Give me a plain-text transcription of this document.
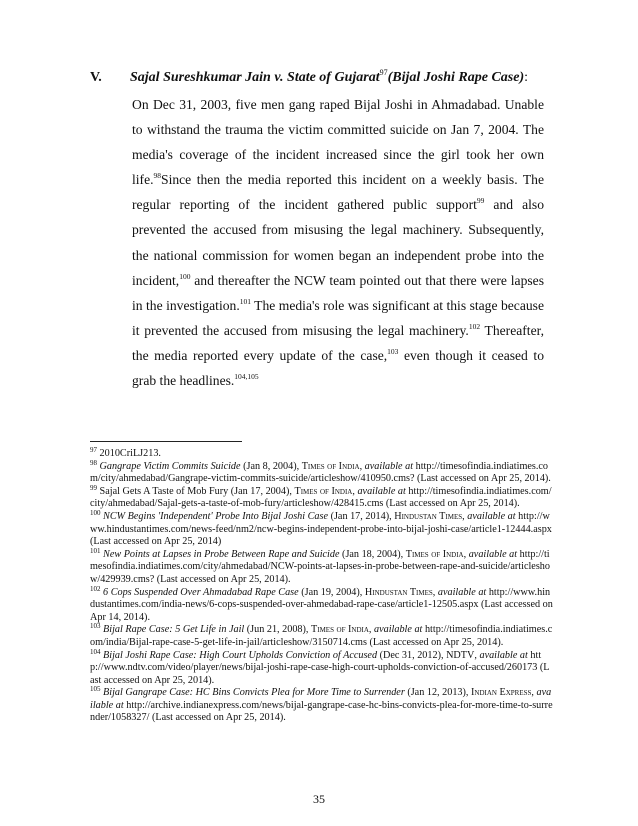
V. Sajal Sureshkumar Jain v. State of Gujarat$^{97}$(Bijal Joshi Rape Case):

On Dec 31, 2003, five men gang raped Bijal Joshi in Ahmadabad. Unable to withstand the trauma the victim committed suicide on Jan 7, 2004. The media's coverage of the incident increased since the girl took her own life.$^{98}$Since then the media reported this incident on a weekly basis. The regular reporting of the incident gathered public support$^{99}$ and also prevented the accused from misusing the legal machinery. Subsequently, the national commission for women began an independent probe into the incident,$^{100}$ and thereafter the NCW team pointed out that there were lapses in the investigation.$^{101}$ The media's role was significant at this stage because it prevented the accused from misusing the legal machinery.$^{102}$ Thereafter, the media reported every update of the case,$^{103}$ even though it ceased to grab the headlines.$^{104,105}$

$^{97}$ 2010CriLJ213.

$^{98}$ Gangrape Victim Commits Suicide (Jan 8, 2004), Times of India, available at http://timesofindia.indiatimes.com/city/ahmedabad/Gangrape-victim-commits-suicide/articleshow/410950.cms? (Last accessed on Apr 25, 2014).

$^{99}$ Sajal Gets A Taste of Mob Fury (Jan 17, 2004), Times of India, available at http://timesofindia.indiatimes.com/city/ahmedabad/Sajal-gets-a-taste-of-mob-fury/articleshow/428415.cms (Last accessed on Apr 25, 2014).

$^{100}$ NCW Begins 'Independent' Probe Into Bijal Joshi Case (Jan 17, 2014), Hindustan Times, available at http://www.hindustantimes.com/news-feed/nm2/ncw-begins-independent-probe-into-bijal-joshi-case/article1-12444.aspx (Last accessed on Apr 25, 2014)

$^{101}$ New Points at Lapses in Probe Between Rape and Suicide (Jan 18, 2004), Times of India, available at http://timesofindia.indiatimes.com/city/ahmedabad/NCW-points-at-lapses-in-probe-between-rape-and-suicide/articleshow/429939.cms? (Last accessed on Apr 25, 2014).

$^{102}$ 6 Cops Suspended Over Ahmadabad Rape Case (Jan 19, 2004), Hindustan Times, available at http://www.hindustantimes.com/india-news/6-cops-suspended-over-ahmedabad-rape-case/article1-12505.aspx (Last accessed on Apr 14, 2014).

$^{103}$ Bijal Rape Case: 5 Get Life in Jail (Jun 21, 2008), Times of India, available at http://timesofindia.indiatimes.com/india/Bijal-rape-case-5-get-life-in-jail/articleshow/3150714.cms (Last accessed on Apr 25, 2014).

$^{104}$ Bijal Joshi Rape Case: High Court Upholds Conviction of Accused (Dec 31, 2012), NDTV, available at http://www.ndtv.com/video/player/news/bijal-joshi-rape-case-high-court-upholds-conviction-of-accused/260173 (Last accessed on Apr 25, 2014).

$^{105}$ Bijal Gangrape Case: HC Bins Convicts Plea for More Time to Surrender (Jan 12, 2013), Indian Express, available at http://archive.indianexpress.com/news/bijal-gangrape-case-hc-bins-convicts-plea-for-more-time-to-surrender/1058327/ (Last accessed on Apr 25, 2014).

35
